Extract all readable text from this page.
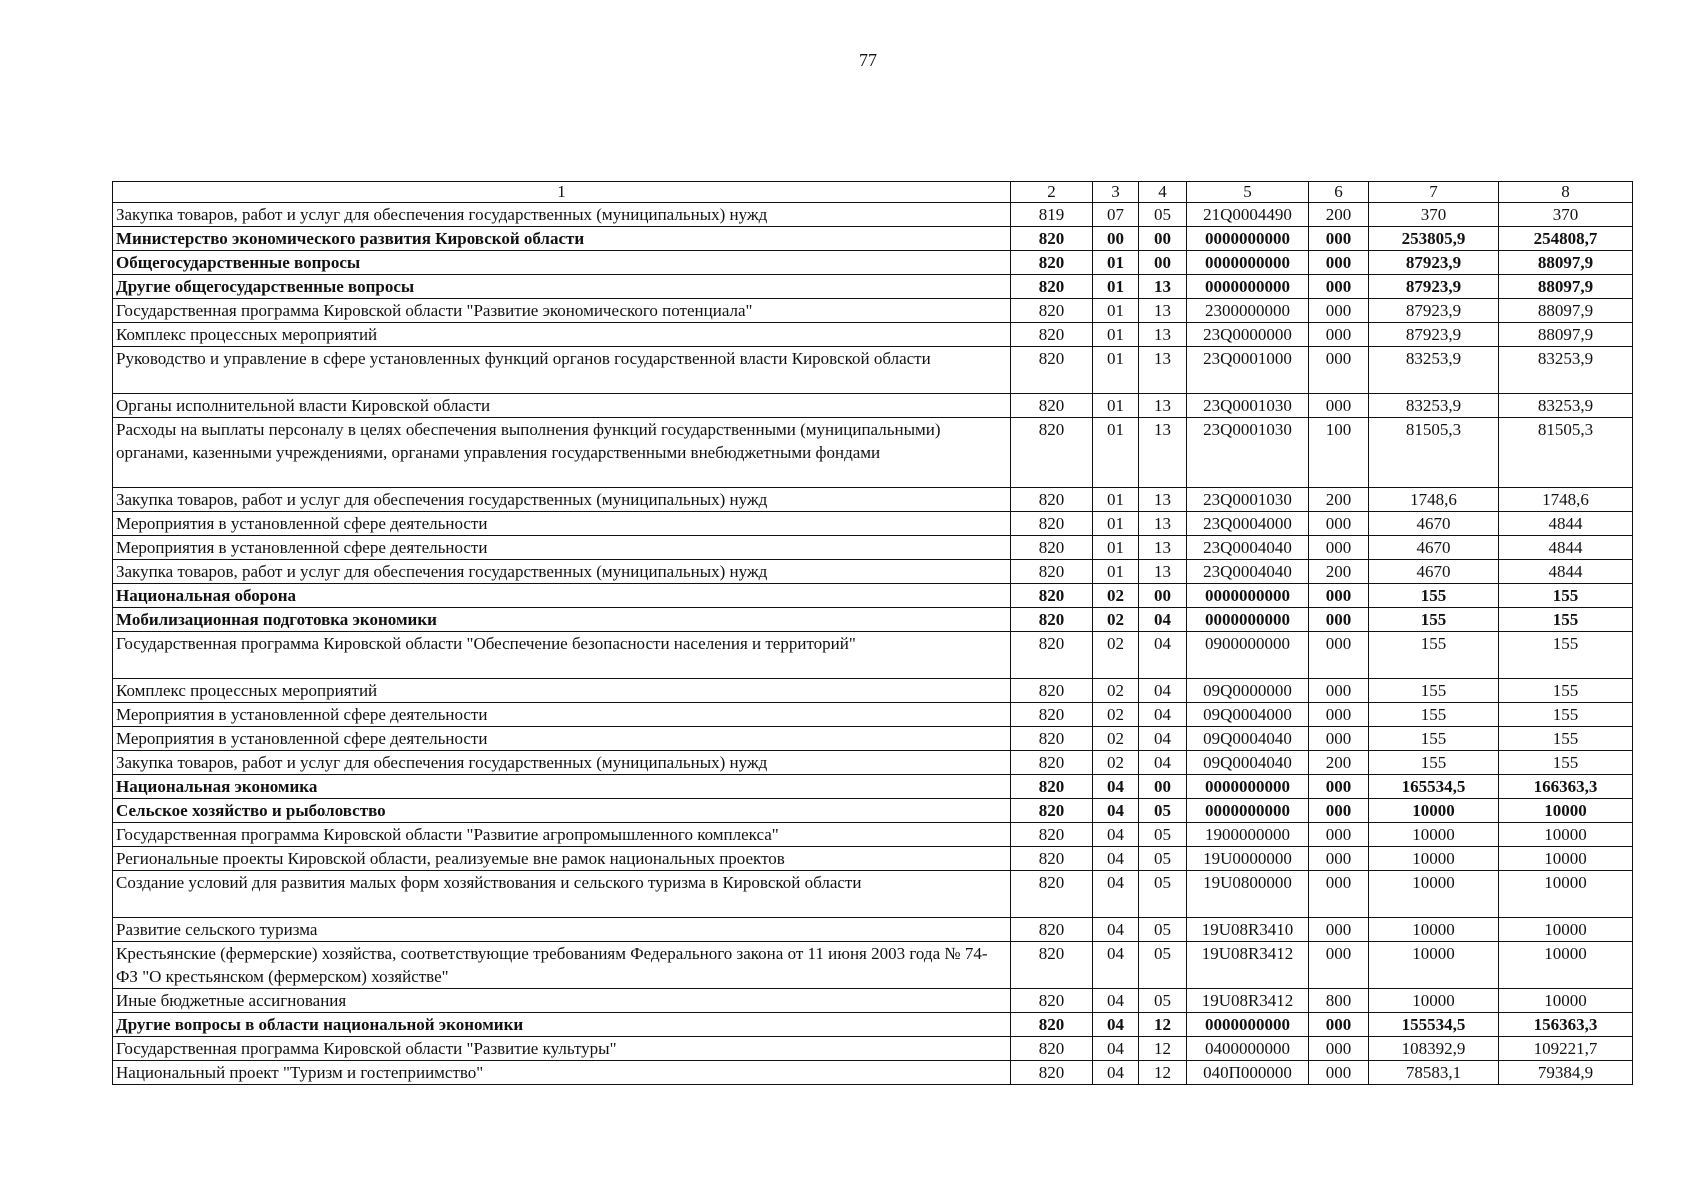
77
1	2	3	4	5	6	7	8
Закупка товаров, работ и услуг для обеспечения государственных (муниципальных) нужд	819	07	05	21Q0004490	200	370	370
Министерство экономического развития Кировской области	820	00	00	0000000000	000	253805,9	254808,7
Общегосударственные вопросы	820	01	00	0000000000	000	87923,9	88097,9
Другие общегосударственные вопросы	820	01	13	0000000000	000	87923,9	88097,9
Государственная программа Кировской области "Развитие экономического потенциала"	820	01	13	2300000000	000	87923,9	88097,9
Комплекс процессных мероприятий	820	01	13	23Q0000000	000	87923,9	88097,9
Руководство и управление в сфере установленных функций органов государственной власти Кировской области	820	01	13	23Q0001000	000	83253,9	83253,9
Органы исполнительной власти Кировской области	820	01	13	23Q0001030	000	83253,9	83253,9
Расходы на выплаты персоналу в целях обеспечения выполнения функций государственными (муниципальными) органами, казенными учреждениями, органами управления государственными внебюджетными фондами	820	01	13	23Q0001030	100	81505,3	81505,3
Закупка товаров, работ и услуг для обеспечения государственных (муниципальных) нужд	820	01	13	23Q0001030	200	1748,6	1748,6
Мероприятия в установленной сфере деятельности	820	01	13	23Q0004000	000	4670	4844
Мероприятия в установленной сфере деятельности	820	01	13	23Q0004040	000	4670	4844
Закупка товаров, работ и услуг для обеспечения государственных (муниципальных) нужд	820	01	13	23Q0004040	200	4670	4844
Национальная оборона	820	02	00	0000000000	000	155	155
Мобилизационная подготовка экономики	820	02	04	0000000000	000	155	155
Государственная программа Кировской области "Обеспечение безопасности населения и территорий"	820	02	04	0900000000	000	155	155
Комплекс процессных мероприятий	820	02	04	09Q0000000	000	155	155
Мероприятия в установленной сфере деятельности	820	02	04	09Q0004000	000	155	155
Мероприятия в установленной сфере деятельности	820	02	04	09Q0004040	000	155	155
Закупка товаров, работ и услуг для обеспечения государственных (муниципальных) нужд	820	02	04	09Q0004040	200	155	155
Национальная экономика	820	04	00	0000000000	000	165534,5	166363,3
Сельское хозяйство и рыболовство	820	04	05	0000000000	000	10000	10000
Государственная программа Кировской области "Развитие агропромышленного комплекса"	820	04	05	1900000000	000	10000	10000
Региональные проекты Кировской области, реализуемые вне рамок национальных проектов	820	04	05	19U0000000	000	10000	10000
Создание условий для развития малых форм хозяйствования и сельского туризма в Кировской области	820	04	05	19U0800000	000	10000	10000
Развитие сельского туризма	820	04	05	19U08R3410	000	10000	10000
Крестьянские (фермерские) хозяйства, соответствующие требованиям Федерального закона от 11 июня 2003 года № 74-ФЗ "О крестьянском (фермерском) хозяйстве"	820	04	05	19U08R3412	000	10000	10000
Иные бюджетные ассигнования	820	04	05	19U08R3412	800	10000	10000
Другие вопросы в области национальной экономики	820	04	12	0000000000	000	155534,5	156363,3
Государственная программа Кировской области "Развитие культуры"	820	04	12	0400000000	000	108392,9	109221,7
Национальный проект "Туризм и гостеприимство"	820	04	12	040П000000	000	78583,1	79384,9
